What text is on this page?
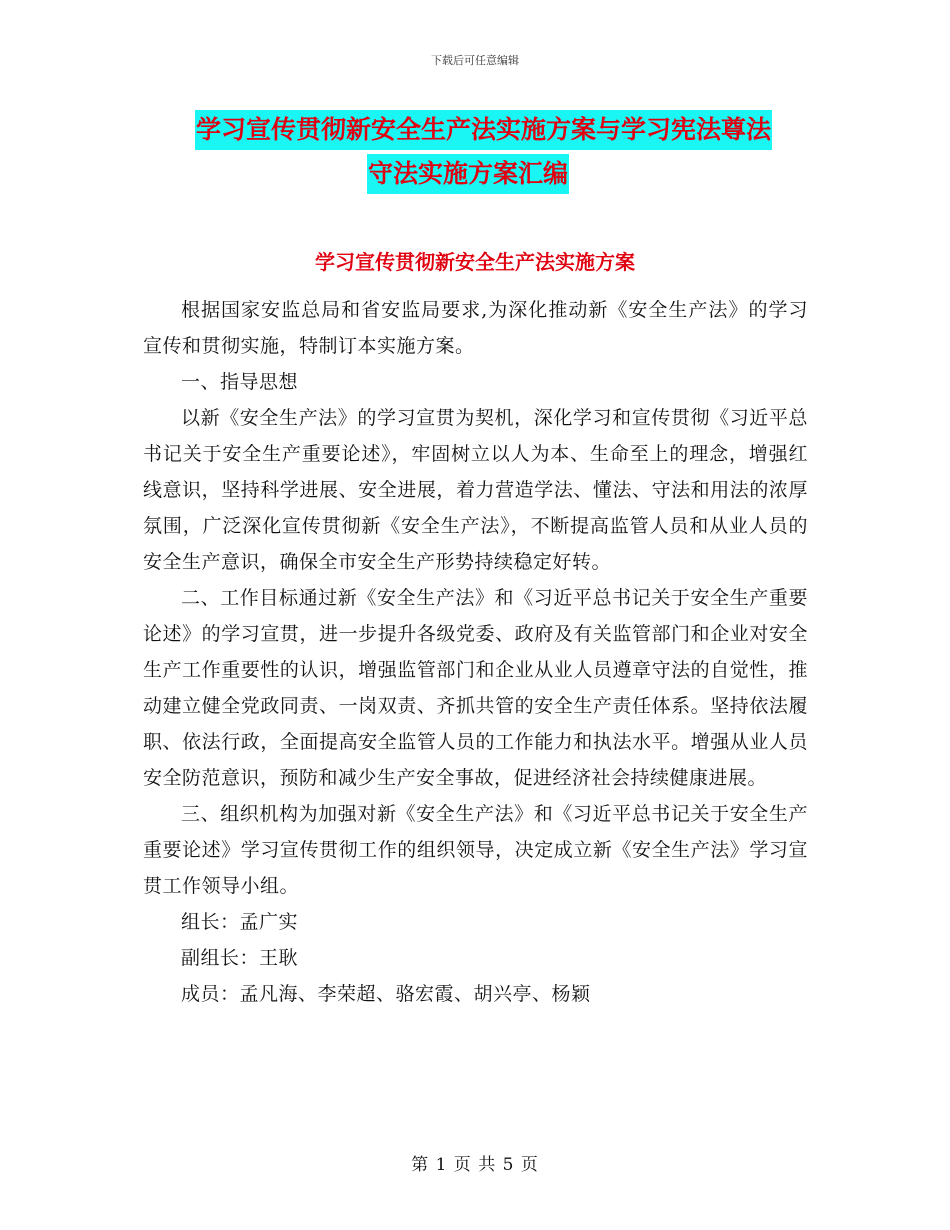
下载后可任意编辑
学习宣传贯彻新安全生产法实施方案与学习宪法尊法
守法实施方案汇编
学习宣传贯彻新安全生产法实施方案

根据国家安监总局和省安监局要求,为深化推动新《安全生产法》的学习宣传和贯彻实施，特制订本实施方案。

一、指导思想

以新《安全生产法》的学习宣贯为契机，深化学习和宣传贯彻《习近平总书记关于安全生产重要论述》，牢固树立以人为本、生命至上的理念，增强红线意识，坚持科学进展、安全进展，着力营造学法、懂法、守法和用法的浓厚氛围，广泛深化宣传贯彻新《安全生产法》，不断提高监管人员和从业人员的安全生产意识，确保全市安全生产形势持续稳定好转。

二、工作目标通过新《安全生产法》和《习近平总书记关于安全生产重要论述》的学习宣贯，进一步提升各级党委、政府及有关监管部门和企业对安全生产工作重要性的认识，增强监管部门和企业从业人员遵章守法的自觉性，推动建立健全党政同责、一岗双责、齐抓共管的安全生产责任体系。坚持依法履职、依法行政，全面提高安全监管人员的工作能力和执法水平。增强从业人员安全防范意识，预防和减少生产安全事故，促进经济社会持续健康进展。

三、组织机构为加强对新《安全生产法》和《习近平总书记关于安全生产重要论述》学习宣传贯彻工作的组织领导，决定成立新《安全生产法》学习宣贯工作领导小组。

组长：孟广实

副组长：王耿

成员：孟凡海、李荣超、骆宏霞、胡兴亭、杨颖

第 1 页 共 5 页
